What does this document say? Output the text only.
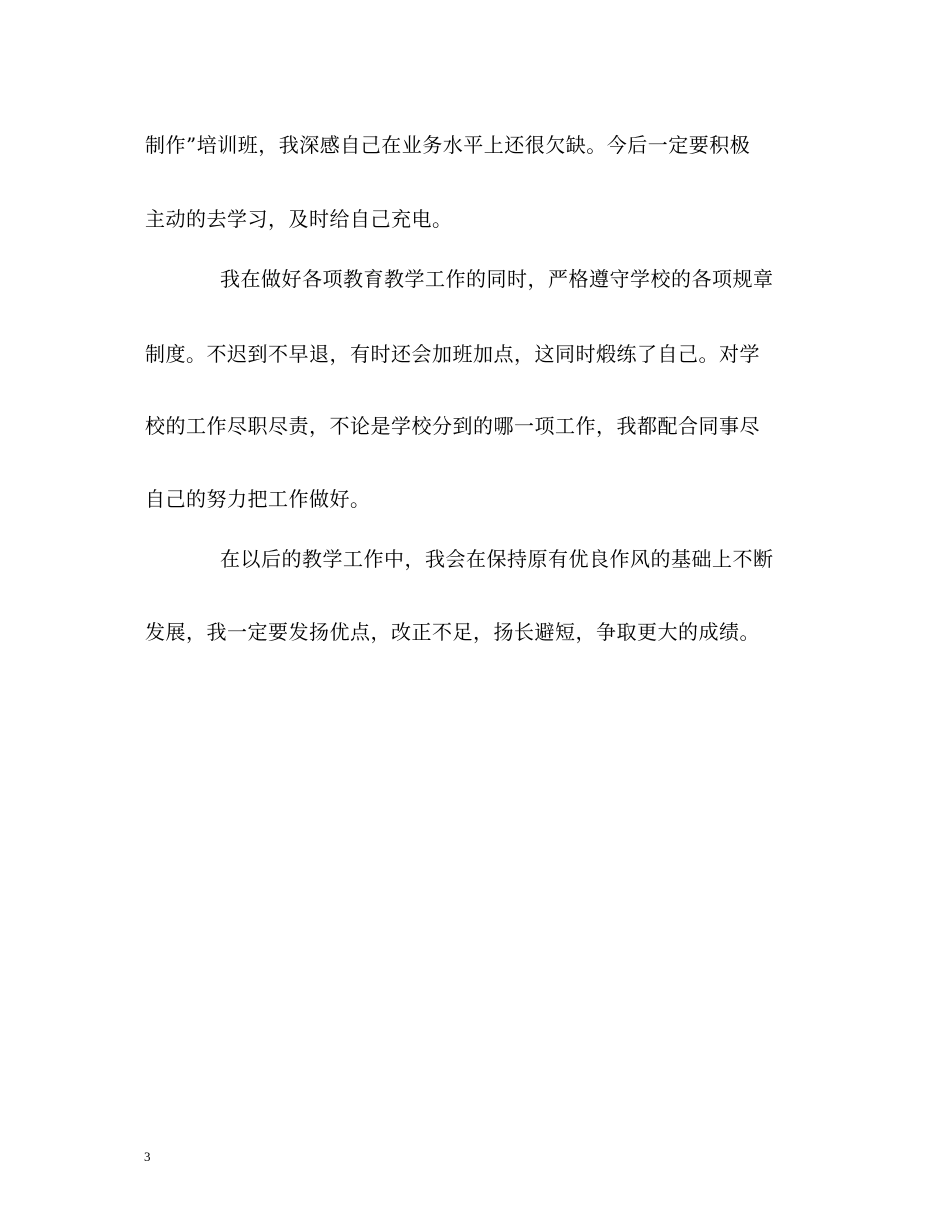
制作”培训班，我深感自己在业务水平上还很欠缺。今后一定要积极
主动的去学习，及时给自己充电。
我在做好各项教育教学工作的同时，严格遵守学校的各项规章
制度。不迟到不早退，有时还会加班加点，这同时煅练了自己。对学
校的工作尽职尽责，不论是学校分到的哪一项工作，我都配合同事尽
自己的努力把工作做好。
在以后的教学工作中，我会在保持原有优良作风的基础上不断
发展，我一定要发扬优点，改正不足，扬长避短，争取更大的成绩。
3
